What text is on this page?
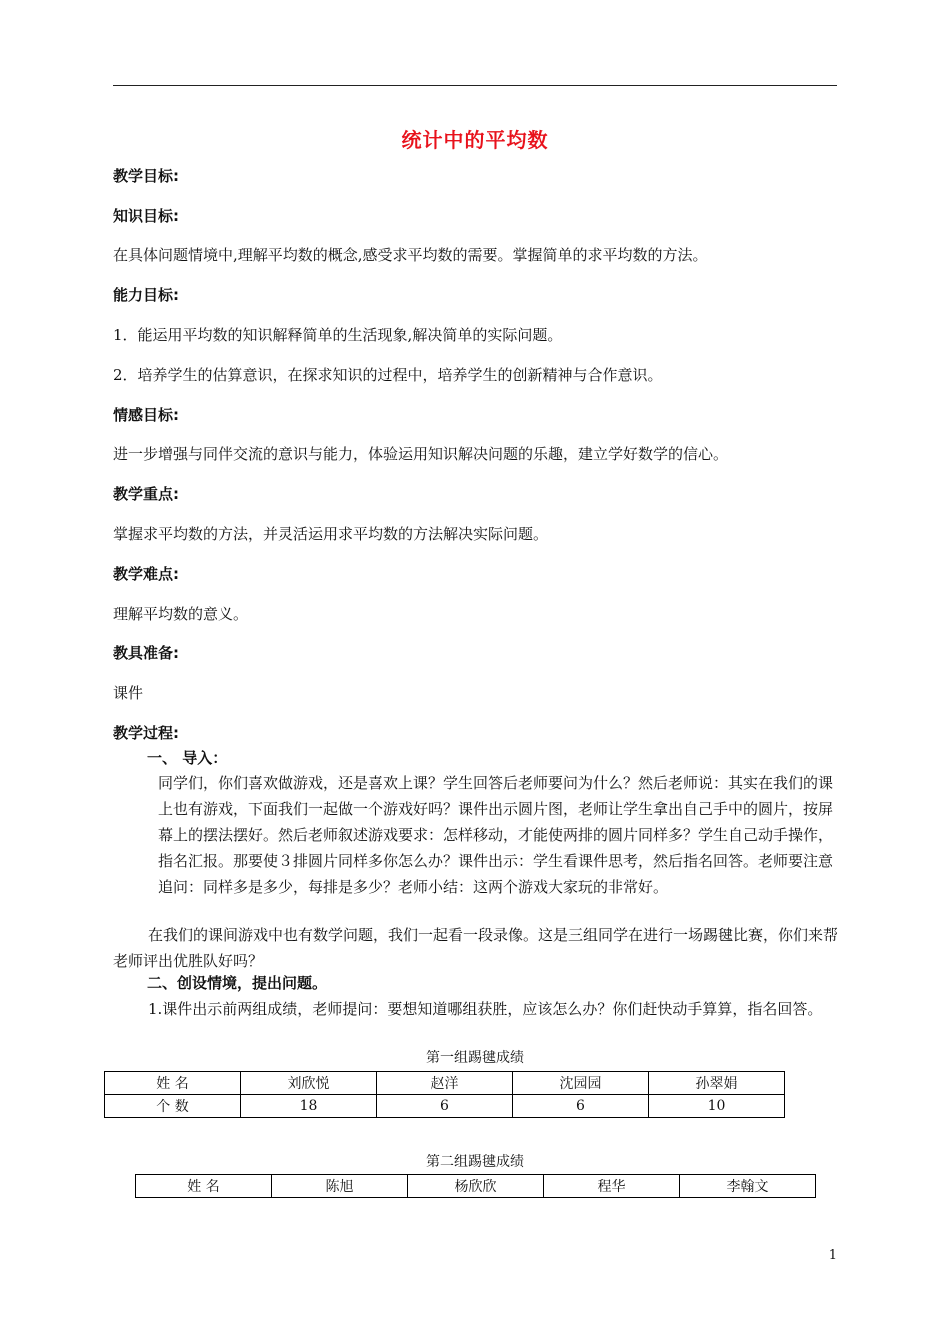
统计中的平均数
教学目标:
知识目标:
在具体问题情境中,理解平均数的概念,感受求平均数的需要。掌握简单的求平均数的方法。
能力目标:
1．能运用平均数的知识解释简单的生活现象,解决简单的实际问题。
2．培养学生的估算意识，在探求知识的过程中，培养学生的创新精神与合作意识。
情感目标:
进一步增强与同伴交流的意识与能力，体验运用知识解决问题的乐趣，建立学好数学的信心。
教学重点:
掌握求平均数的方法，并灵活运用求平均数的方法解决实际问题。
教学难点:
理解平均数的意义。
教具准备:
课件
教学过程:
一、 导入：
同学们，你们喜欢做游戏，还是喜欢上课？学生回答后老师要问为什么？然后老师说：其实在我们的课上也有游戏，下面我们一起做一个游戏好吗？课件出示圆片图，老师让学生拿出自己手中的圆片，按屏幕上的摆法摆好。然后老师叙述游戏要求：怎样移动，才能使两排的圆片同样多？学生自己动手操作，指名汇报。那要使３排圆片同样多你怎么办？课件出示：学生看课件思考，然后指名回答。老师要注意追问：同样多是多少，每排是多少？老师小结：这两个游戏大家玩的非常好。
在我们的课间游戏中也有数学问题，我们一起看一段录像。这是三组同学在进行一场踢毽比赛，你们来帮老师评出优胜队好吗？
二、创设情境，提出问题。
1.课件出示前两组成绩，老师提问：要想知道哪组获胜，应该怎么办？你们赶快动手算算，指名回答。
第一组踢毽成绩
姓 名	刘欣悦	赵洋	沈园园	孙翠娟
个 数	18	6	6	10
第二组踢毽成绩
姓 名	陈旭	杨欣欣	程华	李翰文
1
